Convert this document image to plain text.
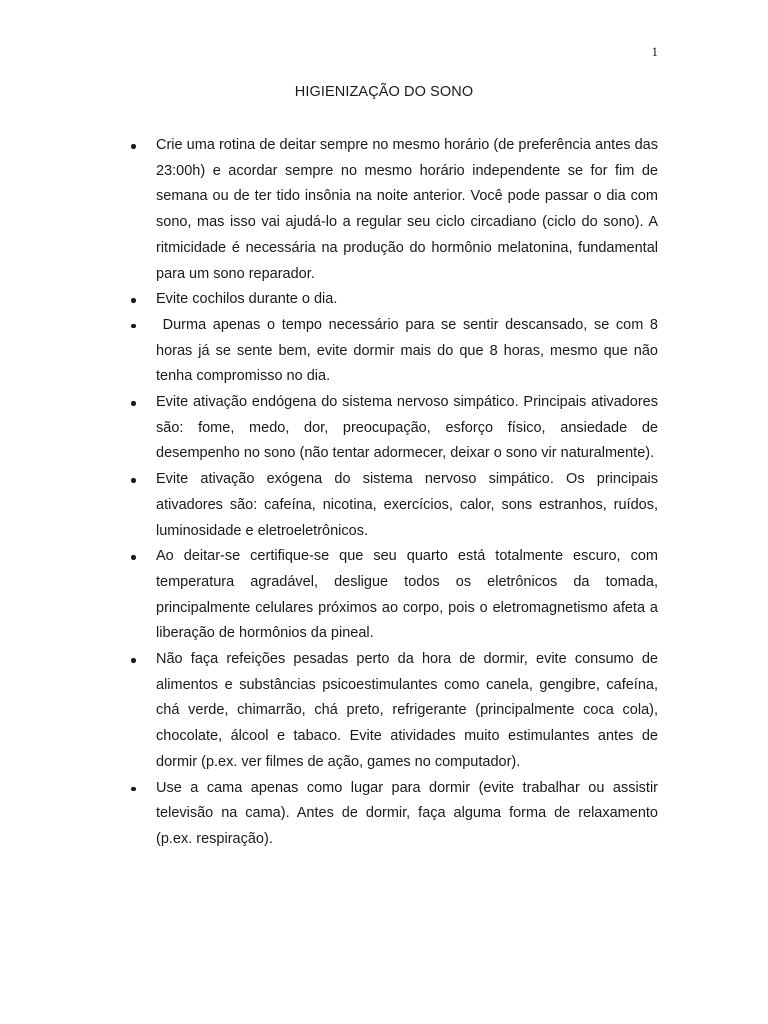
1
HIGIENIZAÇÃO DO SONO
Crie uma rotina de deitar sempre no mesmo horário (de preferência antes das 23:00h) e acordar sempre no mesmo horário independente se for fim de semana ou de ter tido insônia na noite anterior. Você pode passar o dia com sono, mas isso vai ajudá-lo a regular seu ciclo circadiano (ciclo do sono). A ritmicidade é necessária na produção do hormônio melatonina, fundamental para um sono reparador.
Evite cochilos durante o dia.
Durma apenas o tempo necessário para se sentir descansado, se com 8 horas já se sente bem, evite dormir mais do que 8 horas, mesmo que não tenha compromisso no dia.
Evite ativação endógena do sistema nervoso simpático. Principais ativadores são: fome, medo, dor, preocupação, esforço físico, ansiedade de desempenho no sono (não tentar adormecer, deixar o sono vir naturalmente).
Evite ativação exógena do sistema nervoso simpático. Os principais ativadores são: cafeína, nicotina, exercícios, calor, sons estranhos, ruídos, luminosidade e eletroeletrônicos.
Ao deitar-se certifique-se que seu quarto está totalmente escuro, com temperatura agradável, desligue todos os eletrônicos da tomada, principalmente celulares próximos ao corpo, pois o eletromagnetismo afeta a liberação de hormônios da pineal.
Não faça refeições pesadas perto da hora de dormir, evite consumo de alimentos e substâncias psicoestimulantes como canela, gengibre, cafeína, chá verde, chimarrão, chá preto, refrigerante (principalmente coca cola), chocolate, álcool e tabaco. Evite atividades muito estimulantes antes de dormir (p.ex. ver filmes de ação, games no computador).
Use a cama apenas como lugar para dormir (evite trabalhar ou assistir televisão na cama). Antes de dormir, faça alguma forma de relaxamento (p.ex. respiração).
